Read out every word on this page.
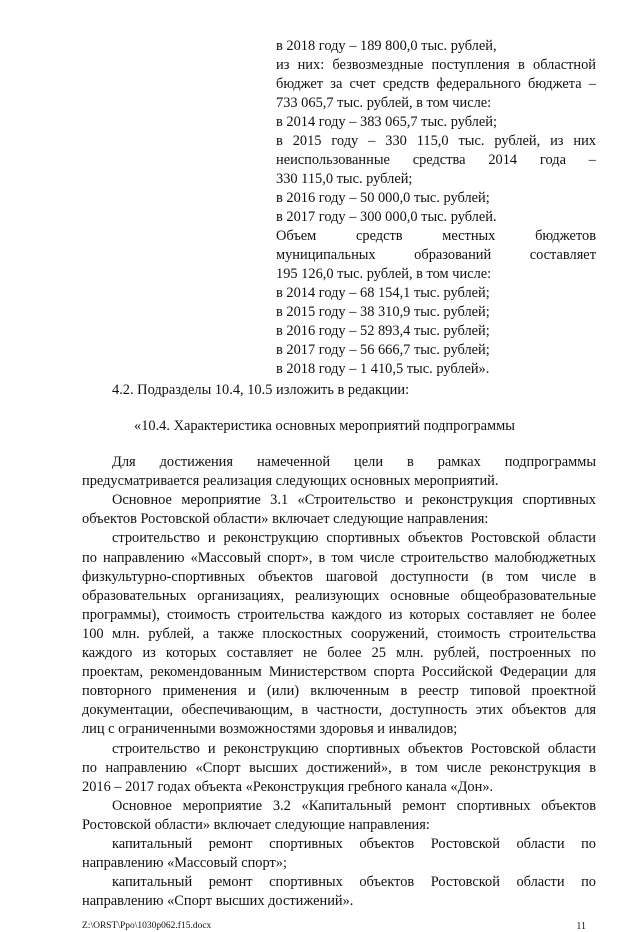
в 2018 году – 189 800,0 тыс. рублей,
из них: безвозмездные поступления в областной
бюджет за счет средств федерального бюджета –
733 065,7 тыс. рублей, в том числе:
в 2014 году – 383 065,7 тыс. рублей;
в 2015 году – 330 115,0 тыс. рублей, из них
неиспользованные средства 2014 года –
330 115,0 тыс. рублей;
в 2016 году – 50 000,0 тыс. рублей;
в 2017 году – 300 000,0 тыс. рублей.
Объем средств местных бюджетов
муниципальных образований составляет
195 126,0 тыс. рублей, в том числе:
в 2014 году – 68 154,1 тыс. рублей;
в 2015 году – 38 310,9 тыс. рублей;
в 2016 году – 52 893,4 тыс. рублей;
в 2017 году – 56 666,7 тыс. рублей;
в 2018 году – 1 410,5 тыс. рублей».
4.2. Подразделы 10.4, 10.5 изложить в редакции:
«10.4. Характеристика основных мероприятий подпрограммы
Для достижения намеченной цели в рамках подпрограммы
предусматривается реализация следующих основных мероприятий.
Основное мероприятие 3.1 «Строительство и реконструкция спортивных
объектов Ростовской области» включает следующие направления:
строительство и реконструкцию спортивных объектов Ростовской области
по направлению «Массовый спорт», в том числе строительство малобюджетных
физкультурно-спортивных объектов шаговой доступности (в том числе в
образовательных организациях, реализующих основные общеобразовательные
программы), стоимость строительства каждого из которых составляет не более
100 млн. рублей, а также плоскостных сооружений, стоимость строительства
каждого из которых составляет не более 25 млн. рублей, построенных по
проектам, рекомендованным Министерством спорта Российской Федерации для
повторного применения и (или) включенным в реестр типовой проектной
документации, обеспечивающим, в частности, доступность этих объектов для
лиц с ограниченными возможностями здоровья и инвалидов;
строительство и реконструкцию спортивных объектов Ростовской области
по направлению «Спорт высших достижений», в том числе реконструкция в
2016 – 2017 годах объекта «Реконструкция гребного канала «Дон».
Основное мероприятие 3.2 «Капитальный ремонт спортивных объектов
Ростовской области» включает следующие направления:
капитальный ремонт спортивных объектов Ростовской области по
направлению «Массовый спорт»;
капитальный ремонт спортивных объектов Ростовской области по
направлению «Спорт высших достижений».
Z:\ORST\Ppo\1030p062.f15.docx	11
